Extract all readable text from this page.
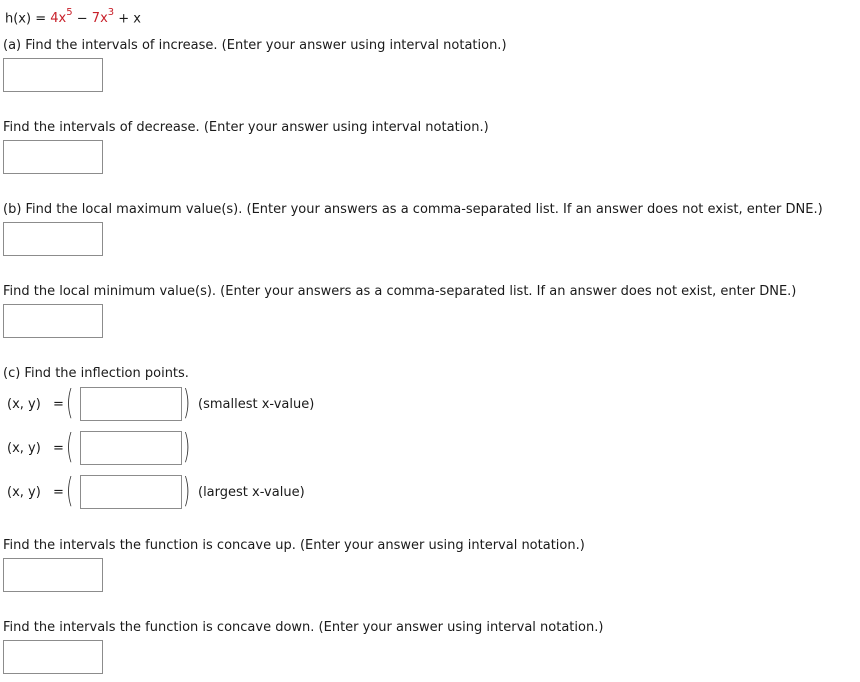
$h(x) = 4x^5 - 7x^3 + x$
(a) Find the intervals of increase. (Enter your answer using interval notation.)
Find the intervals of decrease. (Enter your answer using interval notation.)
(b) Find the local maximum value(s). (Enter your answers as a comma-separated list. If an answer does not exist, enter DNE.)
Find the local minimum value(s). (Enter your answers as a comma-separated list. If an answer does not exist, enter DNE.)
(c) Find the inflection points.
(x, y) = (	) (smallest x-value)
(x, y) = (	)
(x, y) = (	) (largest x-value)
Find the intervals the function is concave up. (Enter your answer using interval notation.)
Find the intervals the function is concave down. (Enter your answer using interval notation.)
